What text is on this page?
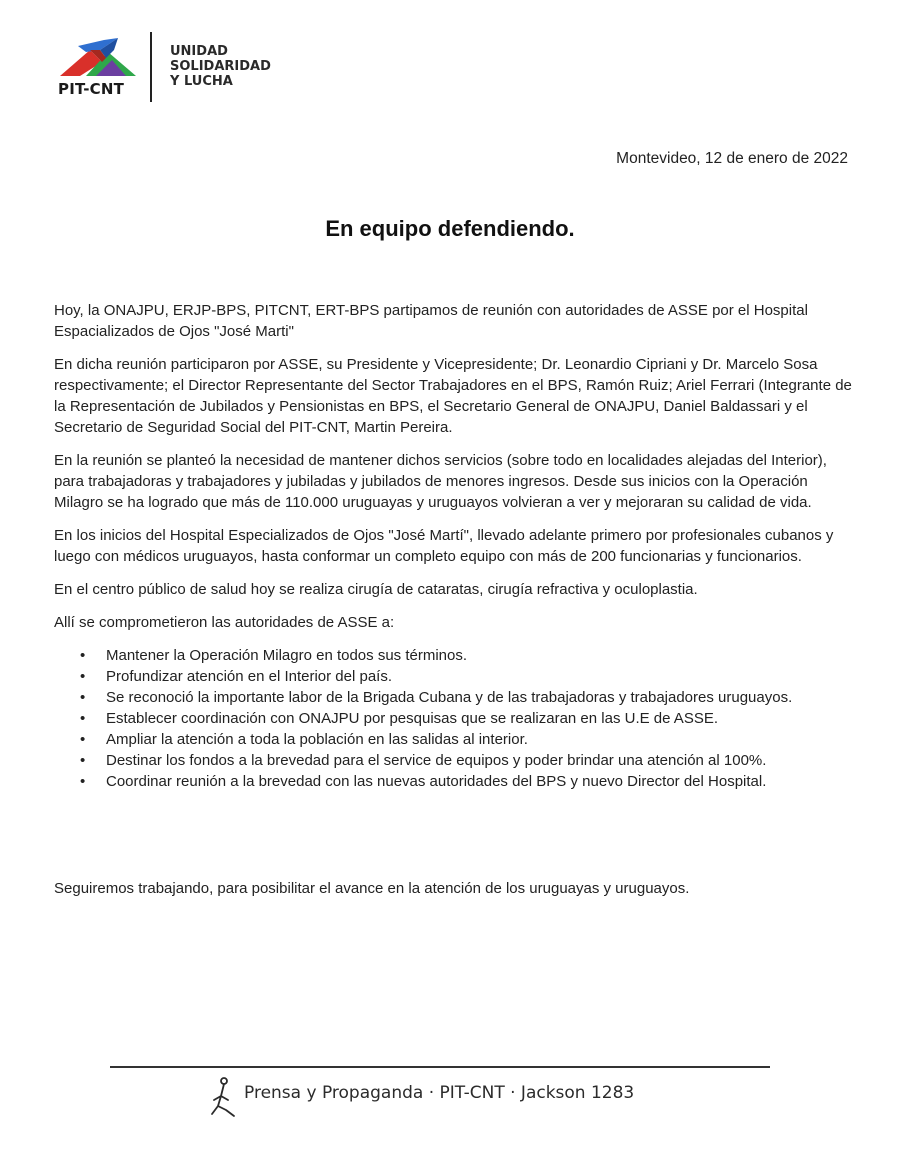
PIT-CNT
UNIDAD
SOLIDARIDAD
Y LUCHA
Montevideo, 12 de enero de 2022
En equipo defendiendo.

Hoy, la ONAJPU, ERJP-BPS, PITCNT, ERT-BPS partipamos de reunión con autoridades de ASSE por el Hospital Espacializados de Ojos "José Marti"

En dicha reunión participaron por ASSE, su Presidente y Vicepresidente; Dr. Leonardio Cipriani y Dr. Marcelo Sosa respectivamente; el Director Representante del Sector Trabajadores en el BPS, Ramón Ruiz; Ariel Ferrari (Integrante de la Representación de Jubilados y Pensionistas en BPS, el Secretario General de ONAJPU, Daniel Baldassari y el Secretario de Seguridad Social del PIT-CNT, Martin Pereira.

En la reunión se planteó la necesidad de mantener dichos servicios (sobre todo en localidades alejadas del Interior), para trabajadoras y trabajadores y jubiladas y jubilados de menores ingresos. Desde sus inicios con la Operación Milagro se ha logrado que más de 110.000 uruguayas y uruguayos volvieran a ver y mejoraran su calidad de vida.

En los inicios del Hospital Especializados de Ojos "José Martí", llevado adelante primero por profesionales cubanos y luego con médicos uruguayos, hasta conformar un completo equipo con más de 200 funcionarias y funcionarios.

En el centro público de salud hoy se realiza cirugía de cataratas, cirugía refractiva y oculoplastia.

Allí se comprometieron las autoridades de ASSE a:

• Mantener la Operación Milagro en todos sus términos.
• Profundizar atención en el Interior del país.
• Se reconoció la importante labor de la Brigada Cubana y de las trabajadoras y trabajadores uruguayos.
• Establecer coordinación con ONAJPU por pesquisas que se realizaran en las U.E de ASSE.
• Ampliar la atención a toda la población en las salidas al interior.
• Destinar los fondos a la brevedad para el service de equipos y poder brindar una atención al 100%.
• Coordinar reunión a la brevedad con las nuevas autoridades del BPS y nuevo Director del Hospital.
Seguiremos trabajando, para posibilitar el avance en la atención de los uruguayas y uruguayos.
Prensa y Propaganda · PIT-CNT · Jackson 1283
